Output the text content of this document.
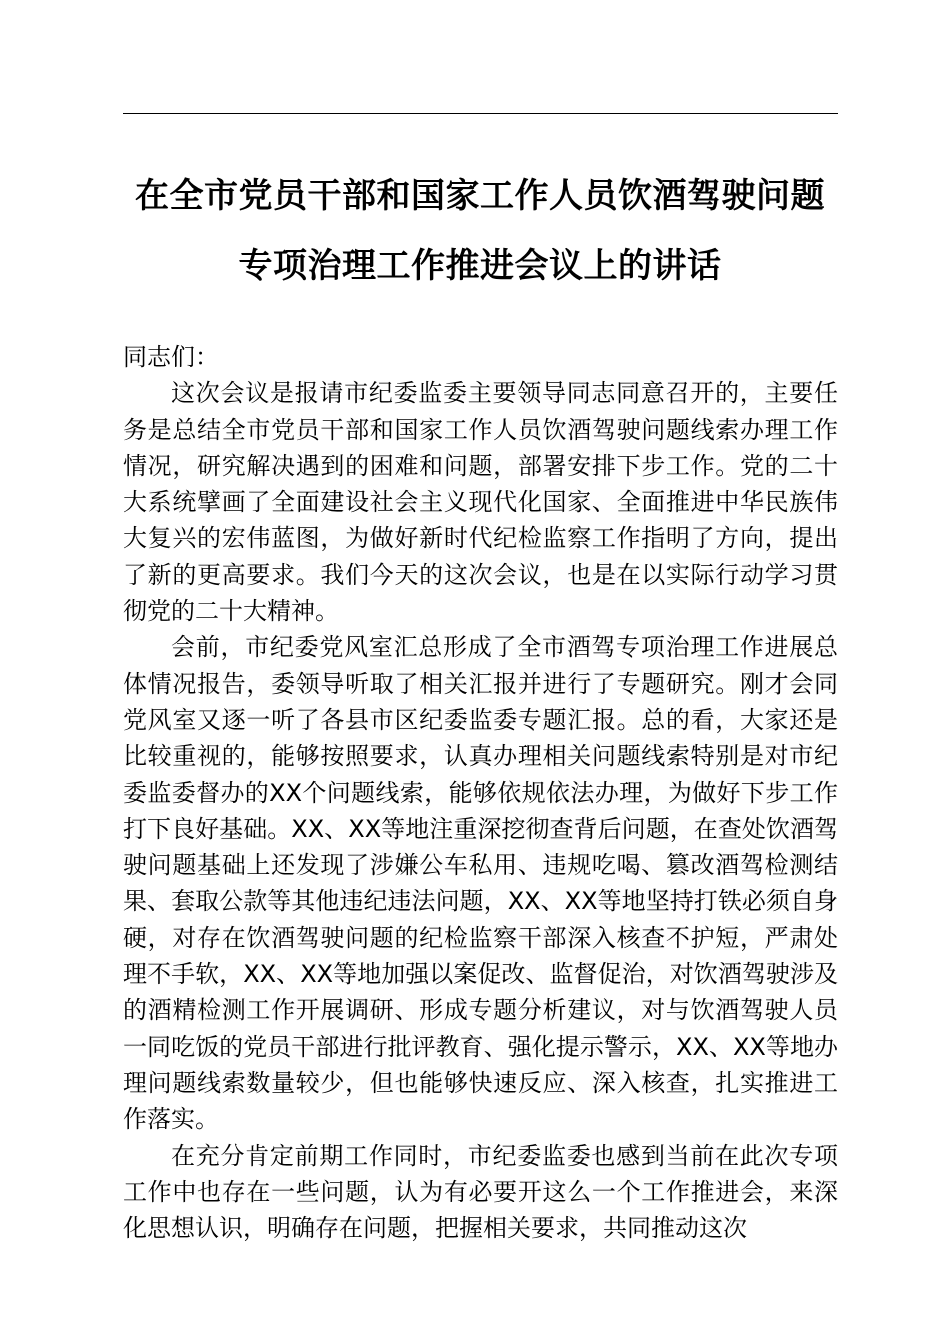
在全市党员干部和国家工作人员饮酒驾驶问题
专项治理工作推进会议上的讲话

同志们：

这次会议是报请市纪委监委主要领导同志同意召开的，主要任务是总结全市党员干部和国家工作人员饮酒驾驶问题线索办理工作情况，研究解决遇到的困难和问题，部署安排下步工作。党的二十大系统擘画了全面建设社会主义现代化国家、全面推进中华民族伟大复兴的宏伟蓝图，为做好新时代纪检监察工作指明了方向，提出了新的更高要求。我们今天的这次会议，也是在以实际行动学习贯彻党的二十大精神。

会前，市纪委党风室汇总形成了全市酒驾专项治理工作进展总体情况报告，委领导听取了相关汇报并进行了专题研究。刚才会同党风室又逐一听了各县市区纪委监委专题汇报。总的看，大家还是比较重视的，能够按照要求，认真办理相关问题线索特别是对市纪委监委督办的XX个问题线索，能够依规依法办理，为做好下步工作打下良好基础。XX、XX等地注重深挖彻查背后问题，在查处饮酒驾驶问题基础上还发现了涉嫌公车私用、违规吃喝、篡改酒驾检测结果、套取公款等其他违纪违法问题，XX、XX等地坚持打铁必须自身硬，对存在饮酒驾驶问题的纪检监察干部深入核查不护短，严肃处理不手软，XX、XX等地加强以案促改、监督促治，对饮酒驾驶涉及的酒精检测工作开展调研、形成专题分析建议，对与饮酒驾驶人员一同吃饭的党员干部进行批评教育、强化提示警示，XX、XX等地办理问题线索数量较少，但也能够快速反应、深入核查，扎实推进工作落实。

在充分肯定前期工作同时，市纪委监委也感到当前在此次专项工作中也存在一些问题，认为有必要开这么一个工作推进会，来深化思想认识，明确存在问题，把握相关要求，共同推动这次
